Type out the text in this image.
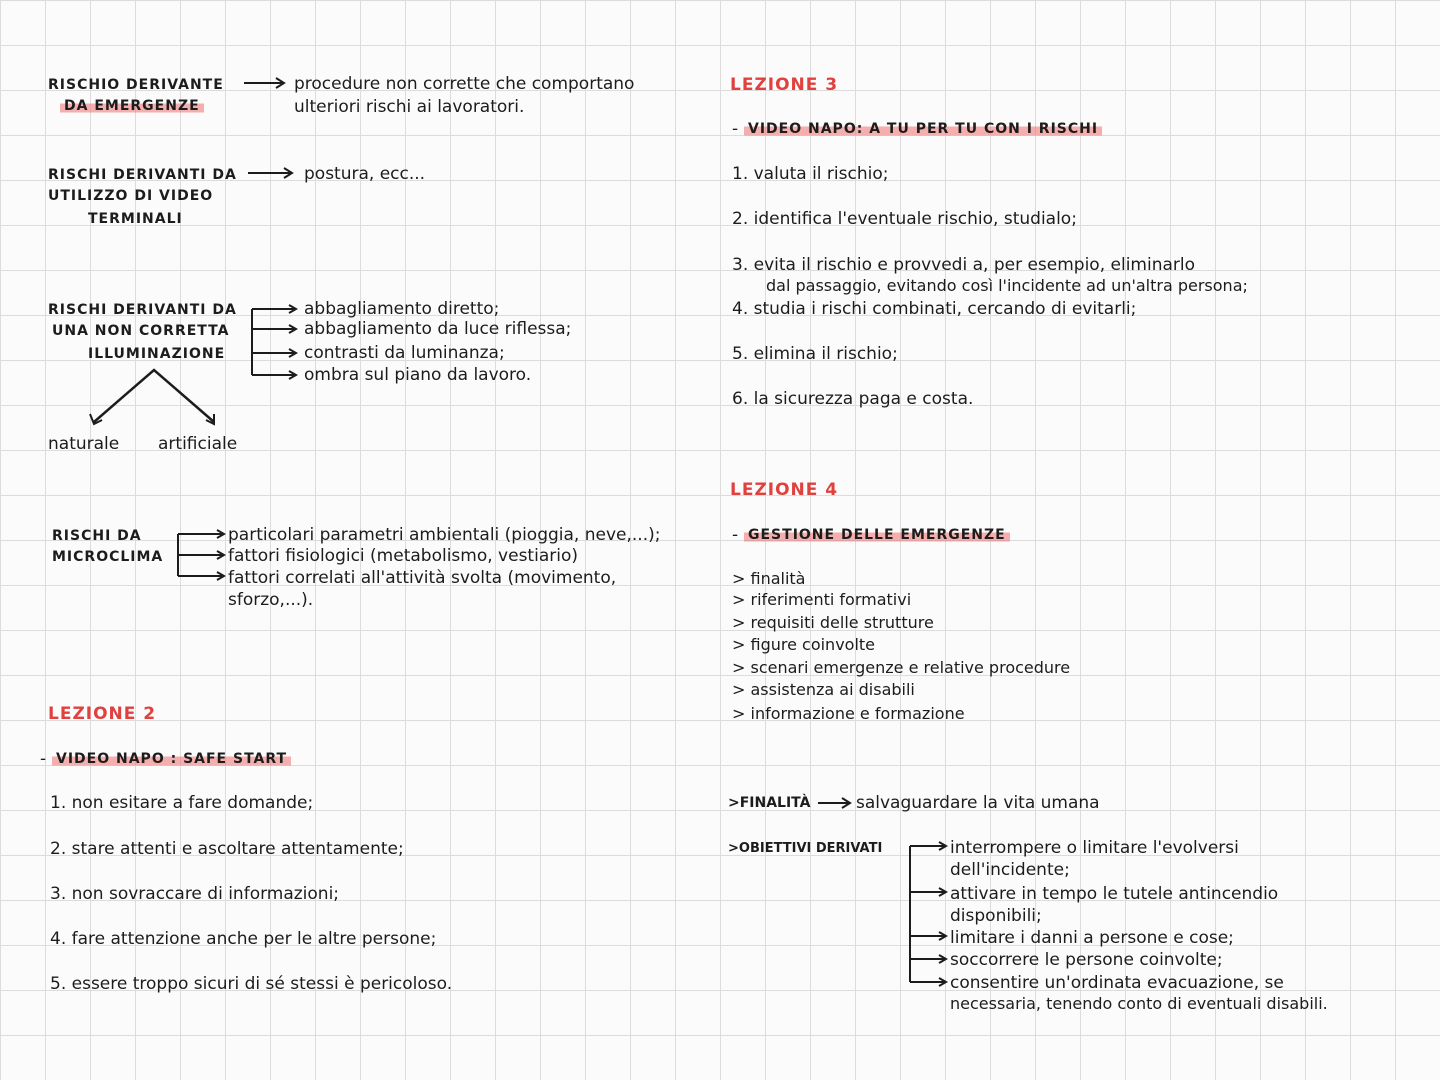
RISCHIO DERIVANTE
DA EMERGENZE
procedure non corrette che comportano
ulteriori rischi ai lavoratori.
RISCHI DERIVANTI DA
UTILIZZO DI VIDEO
TERMINALI
postura, ecc...
RISCHI DERIVANTI DA
UNA NON CORRETTA
ILLUMINAZIONE
abbagliamento diretto;
abbagliamento da luce riflessa;
contrasti da luminanza;
ombra sul piano da lavoro.
naturale artificiale
RISCHI DA
MICROCLIMA
particolari parametri ambientali (pioggia, neve,...);
fattori fisiologici (metabolismo, vestiario)
fattori correlati all'attività svolta (movimento,
sforzo,...).
LEZIONE 2
- VIDEO NAPO : SAFE START
1. non esitare a fare domande;
2. stare attenti e ascoltare attentamente;
3. non sovraccare di informazioni;
4. fare attenzione anche per le altre persone;
5. essere troppo sicuri di sé stessi è pericoloso.
LEZIONE 3
- VIDEO NAPO: A TU PER TU CON I RISCHI
1. valuta il rischio;
2. identifica l'eventuale rischio, studialo;
3. evita il rischio e provvedi a, per esempio, eliminarlo
dal passaggio, evitando così l'incidente ad un'altra persona;
4. studia i rischi combinati, cercando di evitarli;
5. elimina il rischio;
6. la sicurezza paga e costa.
LEZIONE 4
- GESTIONE DELLE EMERGENZE
> finalità
> riferimenti formativi
> requisiti delle strutture
> figure coinvolte
> scenari emergenze e relative procedure
> assistenza ai disabili
> informazione e formazione
>FINALITÀ	salvaguardare la vita umana
>OBIETTIVI DERIVATI	interrompere o limitare l'evolversi
dell'incidente;
attivare in tempo le tutele antincendio
disponibili;
limitare i danni a persone e cose;
soccorrere le persone coinvolte;
consentire un'ordinata evacuazione, se
necessaria, tenendo conto di eventuali disabili.
